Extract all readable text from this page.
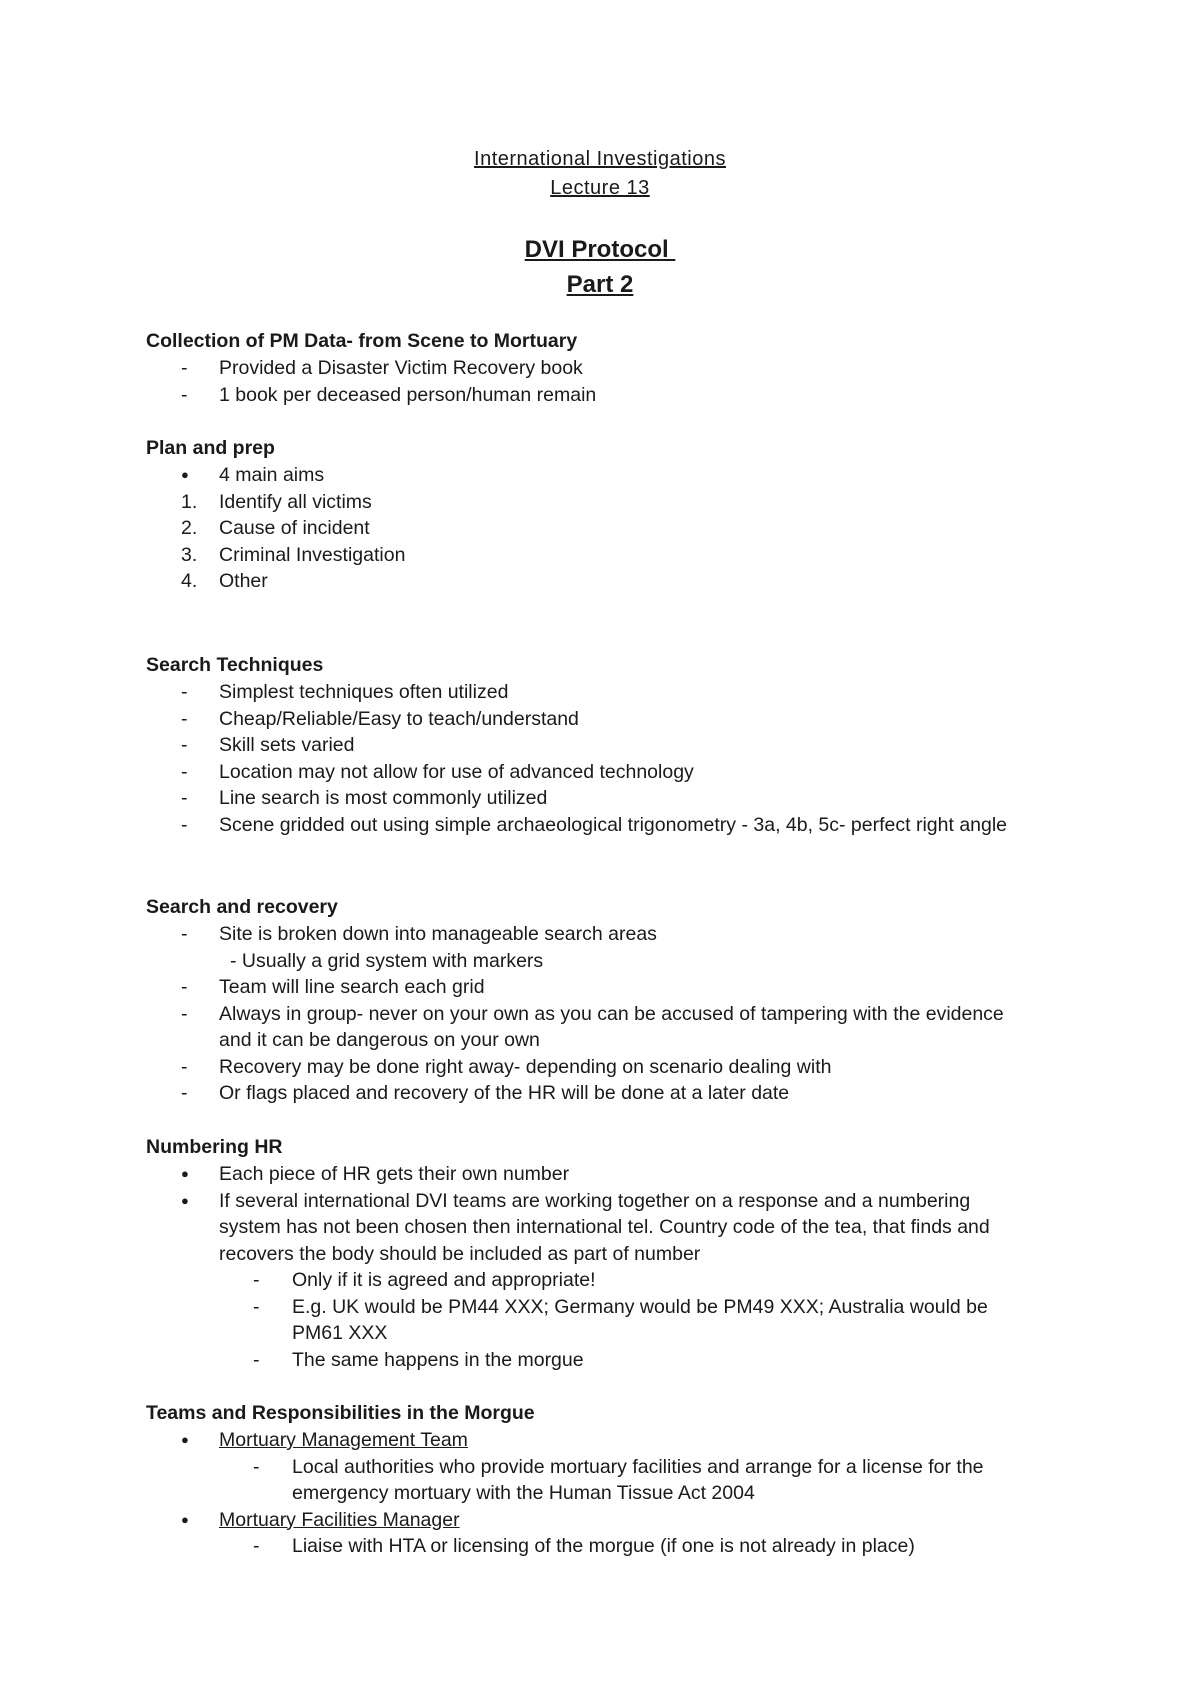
International Investigations
Lecture 13
DVI Protocol
Part 2
Collection of PM Data- from Scene to Mortuary
- Provided a Disaster Victim Recovery book
- 1 book per deceased person/human remain
Plan and prep
● 4 main aims
1. Identify all victims
2. Cause of incident
3. Criminal Investigation
4. Other
Search Techniques
- Simplest techniques often utilized
- Cheap/Reliable/Easy to teach/understand
- Skill sets varied
- Location may not allow for use of advanced technology
- Line search is most commonly utilized
- Scene gridded out using simple archaeological trigonometry - 3a, 4b, 5c- perfect right angle
Search and recovery
- Site is broken down into manageable search areas
- Usually a grid system with markers
- Team will line search each grid
- Always in group- never on your own as you can be accused of tampering with the evidence
and it can be dangerous on your own
- Recovery may be done right away- depending on scenario dealing with
- Or flags placed and recovery of the HR will be done at a later date
Numbering HR
● Each piece of HR gets their own number
● If several international DVI teams are working together on a response and a numbering
system has not been chosen then international tel. Country code of the tea, that finds and
recovers the body should be included as part of number
- Only if it is agreed and appropriate!
- E.g. UK would be PM44 XXX; Germany would be PM49 XXX; Australia would be
PM61 XXX
- The same happens in the morgue
Teams and Responsibilities in the Morgue
● Mortuary Management Team
- Local authorities who provide mortuary facilities and arrange for a license for the
emergency mortuary with the Human Tissue Act 2004
● Mortuary Facilities Manager
- Liaise with HTA or licensing of the morgue (if one is not already in place)
